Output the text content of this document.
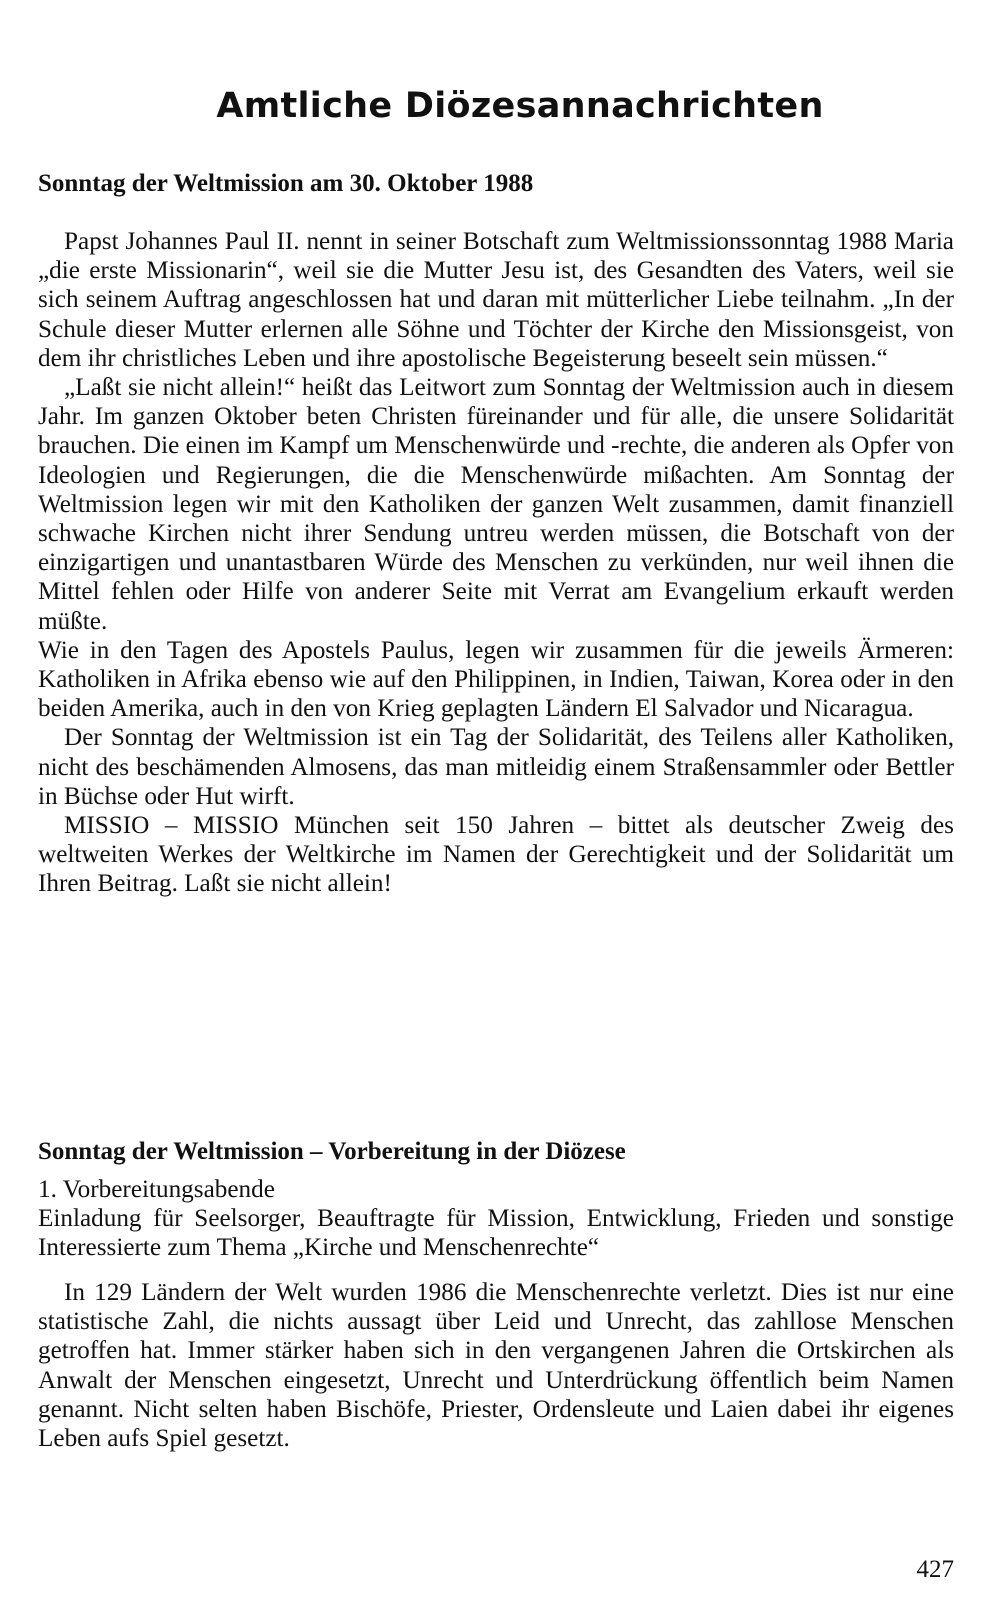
Amtliche Diözesannachrichten
Sonntag der Weltmission am 30. Oktober 1988

Papst Johannes Paul II. nennt in seiner Botschaft zum Weltmissionssonntag 1988 Maria „die erste Missionarin“, weil sie die Mutter Jesu ist, des Gesandten des Vaters, weil sie sich seinem Auftrag angeschlossen hat und daran mit mütterlicher Liebe teilnahm. „In der Schule dieser Mutter erlernen alle Söhne und Töchter der Kirche den Missionsgeist, von dem ihr christliches Leben und ihre apostolische Begeisterung beseelt sein müssen.“

„Laßt sie nicht allein!“ heißt das Leitwort zum Sonntag der Weltmission auch in diesem Jahr. Im ganzen Oktober beten Christen füreinander und für alle, die unsere Solidarität brauchen. Die einen im Kampf um Menschenwürde und -rechte, die anderen als Opfer von Ideologien und Regierungen, die die Menschenwürde mißachten. Am Sonntag der Weltmission legen wir mit den Katholiken der ganzen Welt zusammen, damit finanziell schwache Kirchen nicht ihrer Sendung untreu werden müssen, die Botschaft von der einzigartigen und unantastbaren Würde des Menschen zu verkünden, nur weil ihnen die Mittel fehlen oder Hilfe von anderer Seite mit Verrat am Evangelium erkauft werden müßte.

Wie in den Tagen des Apostels Paulus, legen wir zusammen für die jeweils Ärmeren: Katholiken in Afrika ebenso wie auf den Philippinen, in Indien, Taiwan, Korea oder in den beiden Amerika, auch in den von Krieg geplagten Ländern El Salvador und Nicaragua.

Der Sonntag der Weltmission ist ein Tag der Solidarität, des Teilens aller Katholiken, nicht des beschämenden Almosens, das man mitleidig einem Straßensammler oder Bettler in Büchse oder Hut wirft.

MISSIO – MISSIO München seit 150 Jahren – bittet als deutscher Zweig des weltweiten Werkes der Weltkirche im Namen der Gerechtigkeit und der Solidarität um Ihren Beitrag. Laßt sie nicht allein!

Sonntag der Weltmission – Vorbereitung in der Diözese

1. Vorbereitungsabende

Einladung für Seelsorger, Beauftragte für Mission, Entwicklung, Frieden und sonstige Interessierte zum Thema „Kirche und Menschenrechte“

In 129 Ländern der Welt wurden 1986 die Menschenrechte verletzt. Dies ist nur eine statistische Zahl, die nichts aussagt über Leid und Unrecht, das zahllose Menschen getroffen hat. Immer stärker haben sich in den vergangenen Jahren die Ortskirchen als Anwalt der Menschen eingesetzt, Unrecht und Unterdrückung öffentlich beim Namen genannt. Nicht selten haben Bischöfe, Priester, Ordensleute und Laien dabei ihr eigenes Leben aufs Spiel gesetzt.

427
